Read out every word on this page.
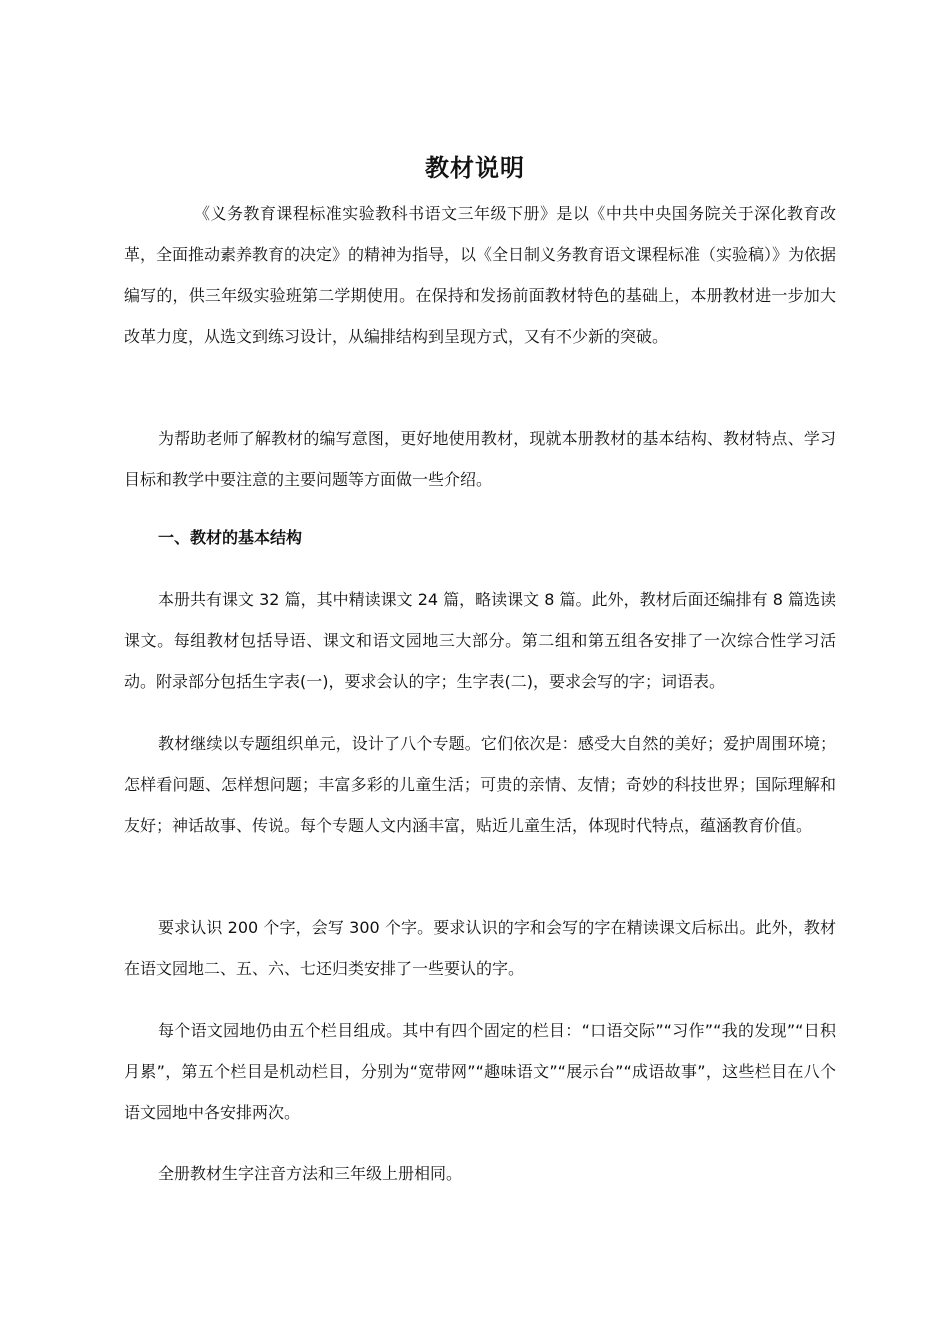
教材说明

《义务教育课程标准实验教科书语文三年级下册》是以《中共中央国务院关于深化教育改革，全面推动素养教育的决定》的精神为指导，以《全日制义务教育语文课程标准（实验稿）》为依据编写的，供三年级实验班第二学期使用。在保持和发扬前面教材特色的基础上，本册教材进一步加大改革力度，从选文到练习设计，从编排结构到呈现方式，又有不少新的突破。

为帮助老师了解教材的编写意图，更好地使用教材，现就本册教材的基本结构、教材特点、学习目标和教学中要注意的主要问题等方面做一些介绍。

一、教材的基本结构

本册共有课文 32 篇，其中精读课文 24 篇，略读课文 8 篇。此外，教材后面还编排有 8 篇选读课文。每组教材包括导语、课文和语文园地三大部分。第二组和第五组各安排了一次综合性学习活动。附录部分包括生字表(一)，要求会认的字；生字表(二)，要求会写的字；词语表。

教材继续以专题组织单元，设计了八个专题。它们依次是：感受大自然的美好；爱护周围环境；怎样看问题、怎样想问题；丰富多彩的儿童生活；可贵的亲情、友情；奇妙的科技世界；国际理解和友好；神话故事、传说。每个专题人文内涵丰富，贴近儿童生活，体现时代特点，蕴涵教育价值。

要求认识 200 个字，会写 300 个字。要求认识的字和会写的字在精读课文后标出。此外，教材在语文园地二、五、六、七还归类安排了一些要认的字。

每个语文园地仍由五个栏目组成。其中有四个固定的栏目：“口语交际”“习作”“我的发现”“日积月累”，第五个栏目是机动栏目，分别为“宽带网”“趣味语文”“展示台”“成语故事”，这些栏目在八个语文园地中各安排两次。

全册教材生字注音方法和三年级上册相同。
